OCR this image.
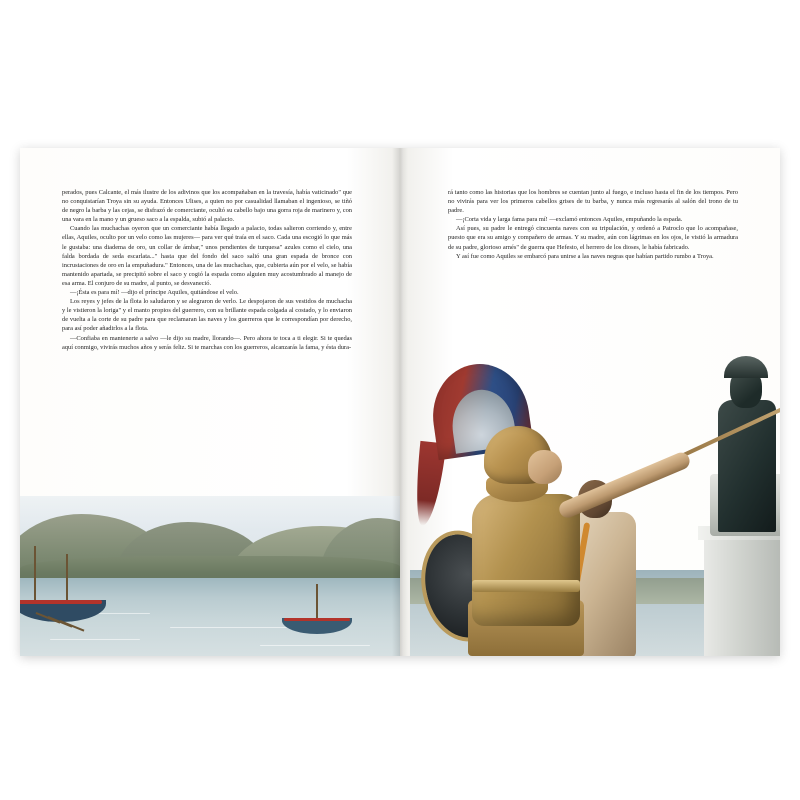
perados, pues Calcante, el más ilustre de los adivinos que los acompañaban en la travesía, había vaticinado" que no conquistarían Troya sin su ayuda. Entonces Ulises, a quien no por casualidad llamaban el ingenioso, se tiñó de negro la barba y las cejas, se disfrazó de comerciante, ocultó su cabello bajo una gorra roja de marinero y, con una vara en la mano y un grueso saco a la espalda, subió al palacio.

Cuando las muchachas oyeron que un comerciante había llegado a palacio, todas salieron corriendo y, entre ellas, Aquiles, oculto por un velo como las mujeres— para ver qué traía en el saco. Cada una escogió lo que más le gustaba: una diadema de oro, un collar de ámbar," unos pendientes de turquesa" azules como el cielo, una falda bordada de seda escarlata..." hasta que del fondo del saco salió una gran espada de bronce con incrustaciones de oro en la empuñadura." Entonces, una de las muchachas, que, cubierta aún por el velo, se había mantenido apartada, se precipitó sobre el saco y cogió la espada como alguien muy acostumbrado al manejo de esa arma. El conjuro de su madre, al punto, se desvaneció.

—¡Ésta es para mí! —dijo el príncipe Aquiles, quitándose el velo.

Los reyes y jefes de la flota lo saludaron y se alegraron de verlo. Le despojaron de sus vestidos de muchacha y le vistieron la loriga" y el manto propios del guerrero, con su brillante espada colgada al costado, y lo enviaron de vuelta a la corte de su padre para que reclamaran las naves y los guerreros que le correspondían por derecho, para así poder añadirlos a la flota.

—Confiaba en mantenerte a salvo —le dijo su madre, llorando—. Pero ahora te toca a ti elegir. Si te quedas aquí conmigo, vivirás muchos años y serás feliz. Si te marchas con los guerreros, alcanzarás la fama, y ésta dura-

rá tanto como las historias que los hombres se cuentan junto al fuego, e incluso hasta el fin de los tiempos. Pero no vivirás para ver los primeros cabellos grises de tu barba, y nunca más regresarás al salón del trono de tu padre.

—¡Corta vida y larga fama para mí! —exclamó entonces Aquiles, empuñando la espada.

Así pues, su padre le entregó cincuenta naves con su tripulación, y ordenó a Patroclo que lo acompañase, puesto que era su amigo y compañero de armas. Y su madre, aún con lágrimas en los ojos, le vistió la armadura de su padre, glorioso arnés" de guerra que Hefesto, el herrero de los dioses, le había fabricado.

Y así fue como Aquiles se embarcó para unirse a las naves negras que habían partido rumbo a Troya.
